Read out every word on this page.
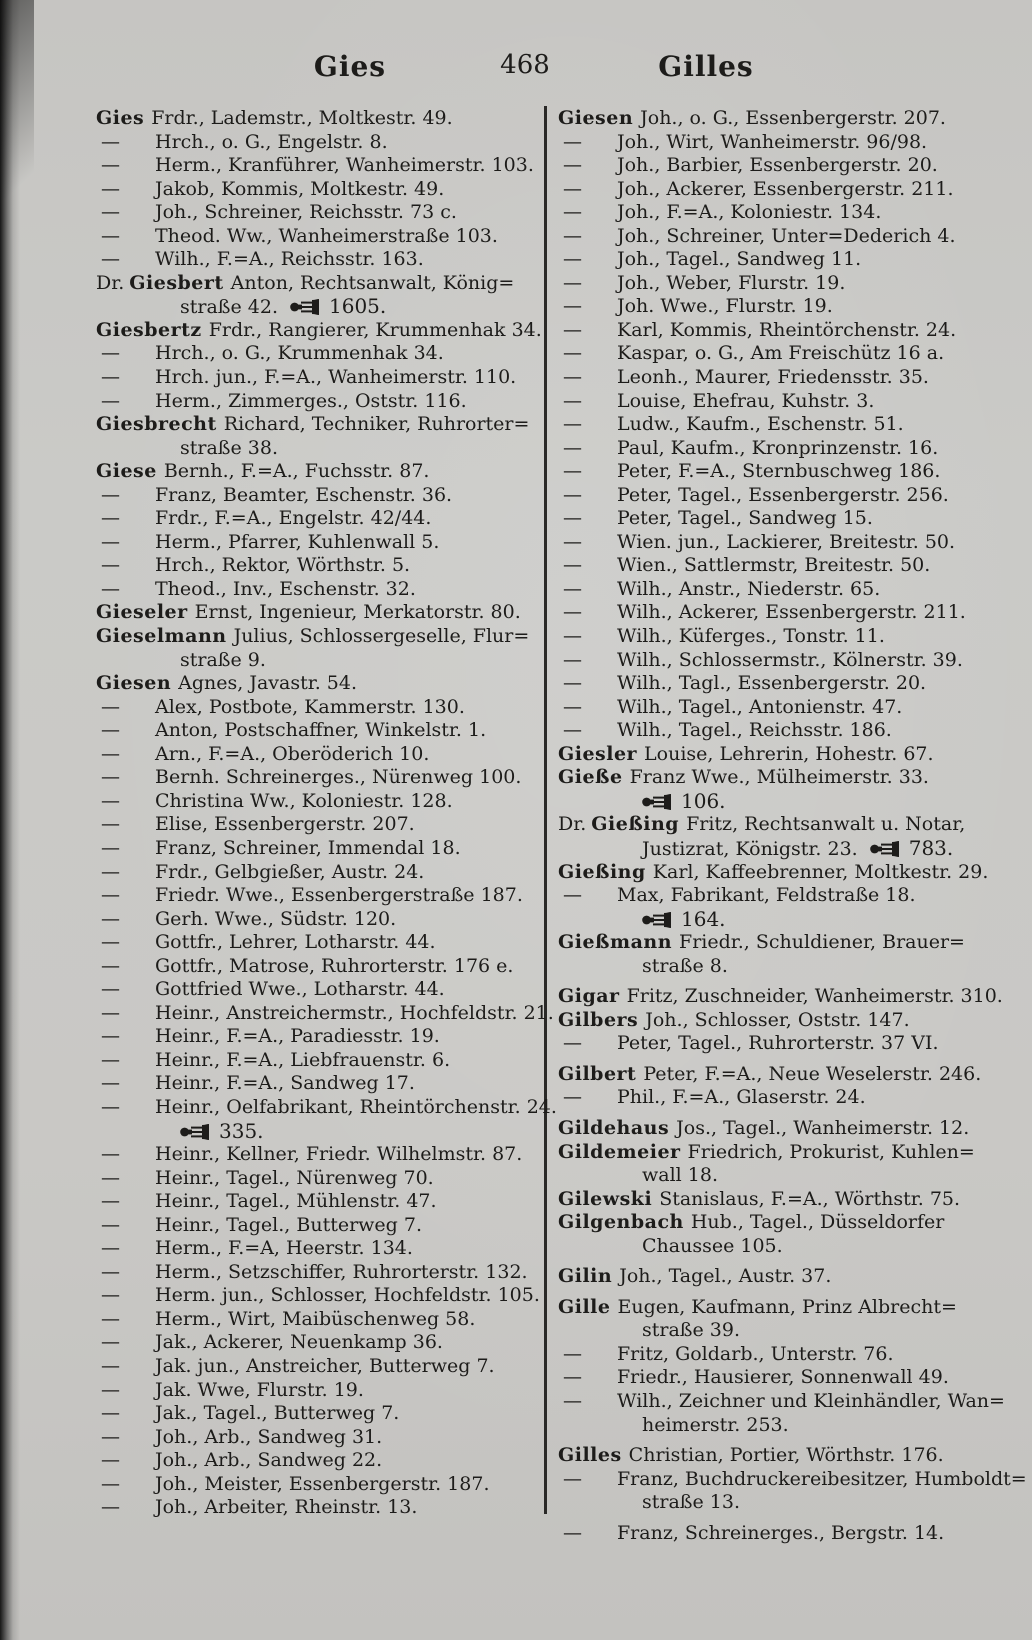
Gies	468	Gilles
Gies Frdr., Lademstr., Moltkestr. 49.
— Hrch., o. G., Engelstr. 8.
— Herm., Kranführer, Wanheimerstr. 103.
— Jakob, Kommis, Moltkestr. 49.
— Joh., Schreiner, Reichsstr. 73 c.
— Theod. Ww., Wanheimerstraße 103.
— Wilh., F.=A., Reichsstr. 163.
Dr. Giesbert Anton, Rechtsanwalt, König=
straße 42.	1605.
Giesbertz Frdr., Rangierer, Krummenhak 34.
— Hrch., o. G., Krummenhak 34.
— Hrch. jun., F.=A., Wanheimerstr. 110.
— Herm., Zimmerges., Oststr. 116.
Giesbrecht Richard, Techniker, Ruhrorter=
straße 38.
Giese Bernh., F.=A., Fuchsstr. 87.
— Franz, Beamter, Eschenstr. 36.
— Frdr., F.=A., Engelstr. 42/44.
— Herm., Pfarrer, Kuhlenwall 5.
— Hrch., Rektor, Wörthstr. 5.
— Theod., Inv., Eschenstr. 32.
Gieseler Ernst, Ingenieur, Merkatorstr. 80.
Gieselmann Julius, Schlossergeselle, Flur=
straße 9.
Giesen Agnes, Javastr. 54.
— Alex, Postbote, Kammerstr. 130.
— Anton, Postschaffner, Winkelstr. 1.
— Arn., F.=A., Oberöderich 10.
— Bernh. Schreinerges., Nürenweg 100.
— Christina Ww., Koloniestr. 128.
— Elise, Essenbergerstr. 207.
— Franz, Schreiner, Immendal 18.
— Frdr., Gelbgießer, Austr. 24.
— Friedr. Wwe., Essenbergerstraße 187.
— Gerh. Wwe., Südstr. 120.
— Gottfr., Lehrer, Lotharstr. 44.
— Gottfr., Matrose, Ruhrorterstr. 176 e.
— Gottfried Wwe., Lotharstr. 44.
— Heinr., Anstreichermstr., Hochfeldstr. 21.
— Heinr., F.=A., Paradiesstr. 19.
— Heinr., F.=A., Liebfrauenstr. 6.
— Heinr., F.=A., Sandweg 17.
— Heinr., Oelfabrikant, Rheintörchenstr. 24.
335.
— Heinr., Kellner, Friedr. Wilhelmstr. 87.
— Heinr., Tagel., Nürenweg 70.
— Heinr., Tagel., Mühlenstr. 47.
— Heinr., Tagel., Butterweg 7.
— Herm., F.=A, Heerstr. 134.
— Herm., Setzschiffer, Ruhrorterstr. 132.
— Herm. jun., Schlosser, Hochfeldstr. 105.
— Herm., Wirt, Maibüschenweg 58.
— Jak., Ackerer, Neuenkamp 36.
— Jak. jun., Anstreicher, Butterweg 7.
— Jak. Wwe, Flurstr. 19.
— Jak., Tagel., Butterweg 7.
— Joh., Arb., Sandweg 31.
— Joh., Arb., Sandweg 22.
— Joh., Meister, Essenbergerstr. 187.
— Joh., Arbeiter, Rheinstr. 13.
Giesen Joh., o. G., Essenbergerstr. 207.
— Joh., Wirt, Wanheimerstr. 96/98.
— Joh., Barbier, Essenbergerstr. 20.
— Joh., Ackerer, Essenbergerstr. 211.
— Joh., F.=A., Koloniestr. 134.
— Joh., Schreiner, Unter=Dederich 4.
— Joh., Tagel., Sandweg 11.
— Joh., Weber, Flurstr. 19.
— Joh. Wwe., Flurstr. 19.
— Karl, Kommis, Rheintörchenstr. 24.
— Kaspar, o. G., Am Freischütz 16 a.
— Leonh., Maurer, Friedensstr. 35.
— Louise, Ehefrau, Kuhstr. 3.
— Ludw., Kaufm., Eschenstr. 51.
— Paul, Kaufm., Kronprinzenstr. 16.
— Peter, F.=A., Sternbuschweg 186.
— Peter, Tagel., Essenbergerstr. 256.
— Peter, Tagel., Sandweg 15.
— Wien. jun., Lackierer, Breitestr. 50.
— Wien., Sattlermstr, Breitestr. 50.
— Wilh., Anstr., Niederstr. 65.
— Wilh., Ackerer, Essenbergerstr. 211.
— Wilh., Küferges., Tonstr. 11.
— Wilh., Schlossermstr., Kölnerstr. 39.
— Wilh., Tagl., Essenbergerstr. 20.
— Wilh., Tagel., Antonienstr. 47.
— Wilh., Tagel., Reichsstr. 186.
Giesler Louise, Lehrerin, Hohestr. 67.
Gieße Franz Wwe., Mülheimerstr. 33.
106.
Dr. Gießing Fritz, Rechtsanwalt u. Notar,
Justizrat, Königstr. 23.	783.
Gießing Karl, Kaffeebrenner, Moltkestr. 29.
— Max, Fabrikant, Feldstraße 18.
164.
Gießmann Friedr., Schuldiener, Brauer=
straße 8.
Gigar Fritz, Zuschneider, Wanheimerstr. 310.
Gilbers Joh., Schlosser, Oststr. 147.
— Peter, Tagel., Ruhrorterstr. 37 VI.
Gilbert Peter, F.=A., Neue Weselerstr. 246.
— Phil., F.=A., Glaserstr. 24.
Gildehaus Jos., Tagel., Wanheimerstr. 12.
Gildemeier Friedrich, Prokurist, Kuhlen=
wall 18.
Gilewski Stanislaus, F.=A., Wörthstr. 75.
Gilgenbach Hub., Tagel., Düsseldorfer
Chaussee 105.
Gilin Joh., Tagel., Austr. 37.
Gille Eugen, Kaufmann, Prinz Albrecht=
straße 39.
— Fritz, Goldarb., Unterstr. 76.
— Friedr., Hausierer, Sonnenwall 49.
— Wilh., Zeichner und Kleinhändler, Wan=
heimerstr. 253.
Gilles Christian, Portier, Wörthstr. 176.
— Franz, Buchdruckereibesitzer, Humboldt=
straße 13.
— Franz, Schreinerges., Bergstr. 14.
